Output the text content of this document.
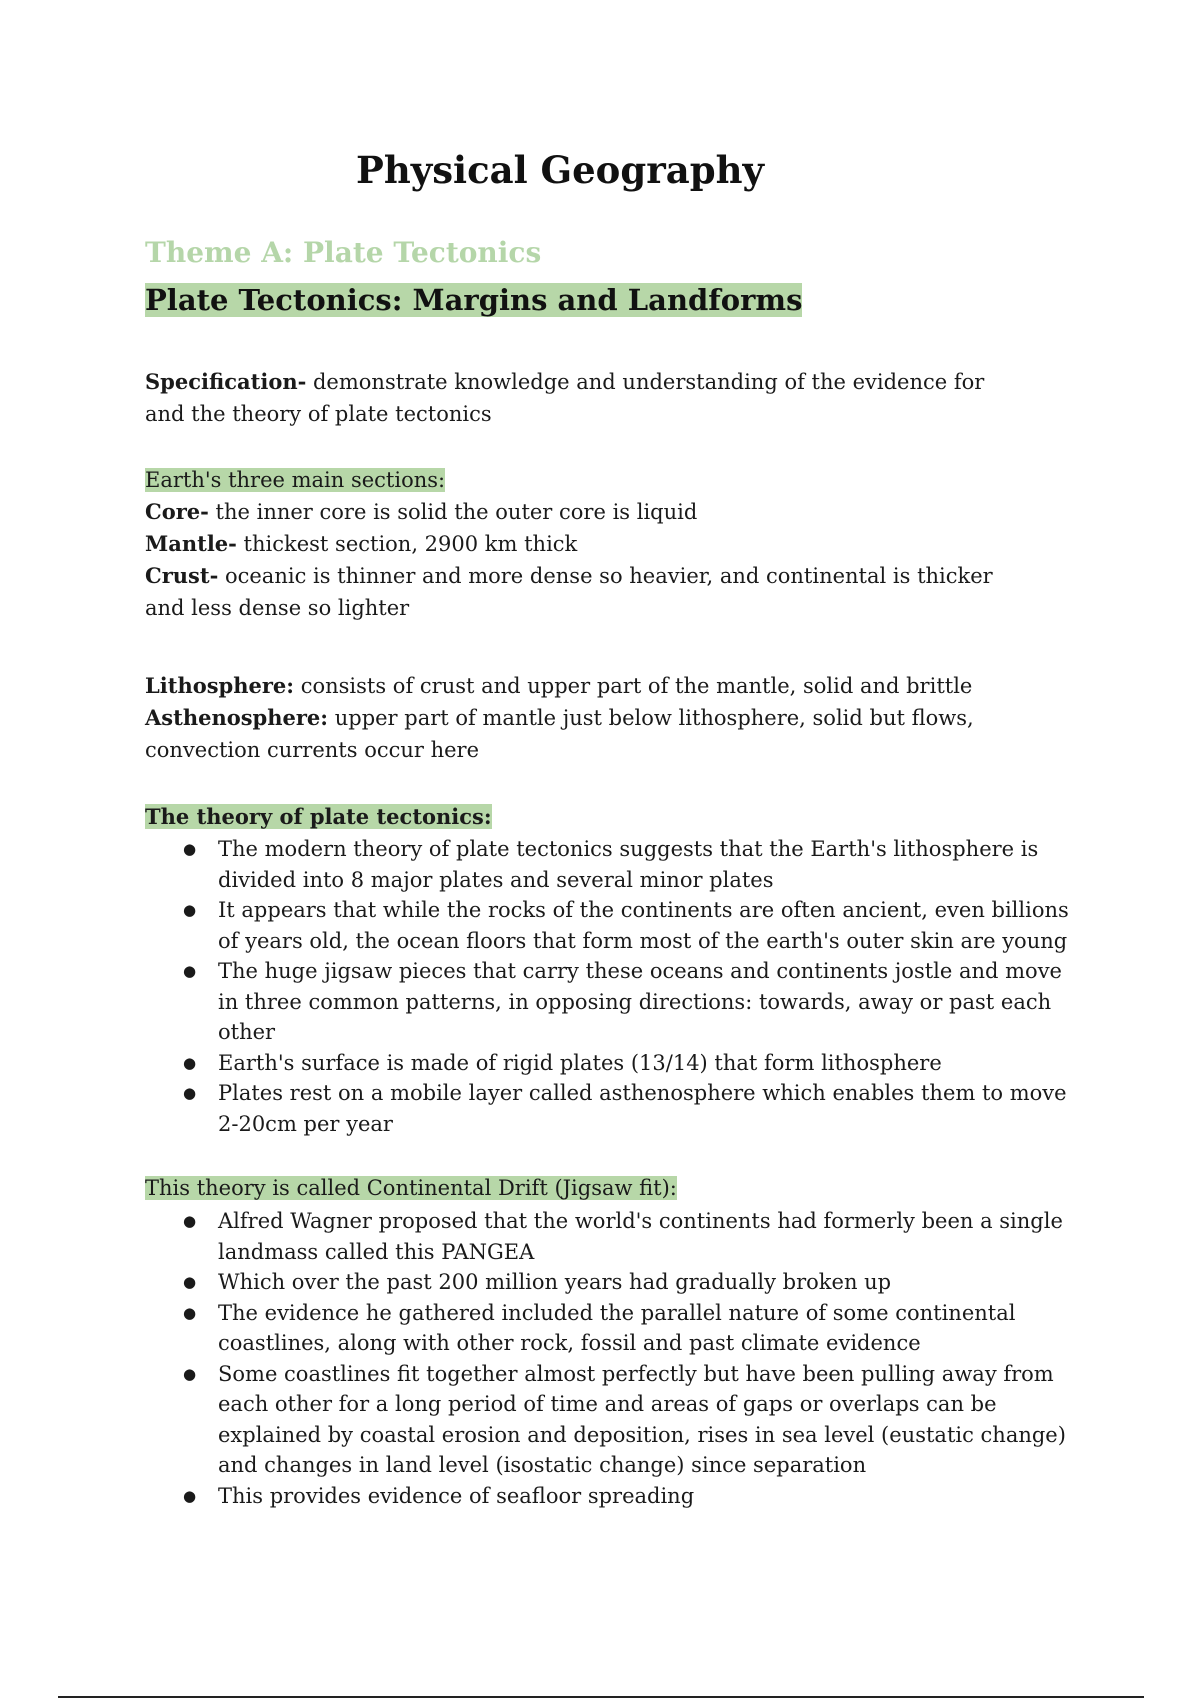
Physical Geography
Theme A: Plate Tectonics
Plate Tectonics: Margins and Landforms
Specification- demonstrate knowledge and understanding of the evidence for
and the theory of plate tectonics
Earth's three main sections:
Core- the inner core is solid the outer core is liquid
Mantle- thickest section, 2900 km thick
Crust- oceanic is thinner and more dense so heavier, and continental is thicker
and less dense so lighter
Lithosphere: consists of crust and upper part of the mantle, solid and brittle
Asthenosphere: upper part of mantle just below lithosphere, solid but flows,
convection currents occur here
The theory of plate tectonics:
● The modern theory of plate tectonics suggests that the Earth's lithosphere is divided into 8 major plates and several minor plates
● It appears that while the rocks of the continents are often ancient, even billions of years old, the ocean floors that form most of the earth's outer skin are young
● The huge jigsaw pieces that carry these oceans and continents jostle and move in three common patterns, in opposing directions: towards, away or past each other
● Earth's surface is made of rigid plates (13/14) that form lithosphere
● Plates rest on a mobile layer called asthenosphere which enables them to move 2-20cm per year
This theory is called Continental Drift (Jigsaw fit):
● Alfred Wagner proposed that the world's continents had formerly been a single landmass called this PANGEA
● Which over the past 200 million years had gradually broken up
● The evidence he gathered included the parallel nature of some continental coastlines, along with other rock, fossil and past climate evidence
● Some coastlines fit together almost perfectly but have been pulling away from each other for a long period of time and areas of gaps or overlaps can be explained by coastal erosion and deposition, rises in sea level (eustatic change) and changes in land level (isostatic change) since separation
● This provides evidence of seafloor spreading
